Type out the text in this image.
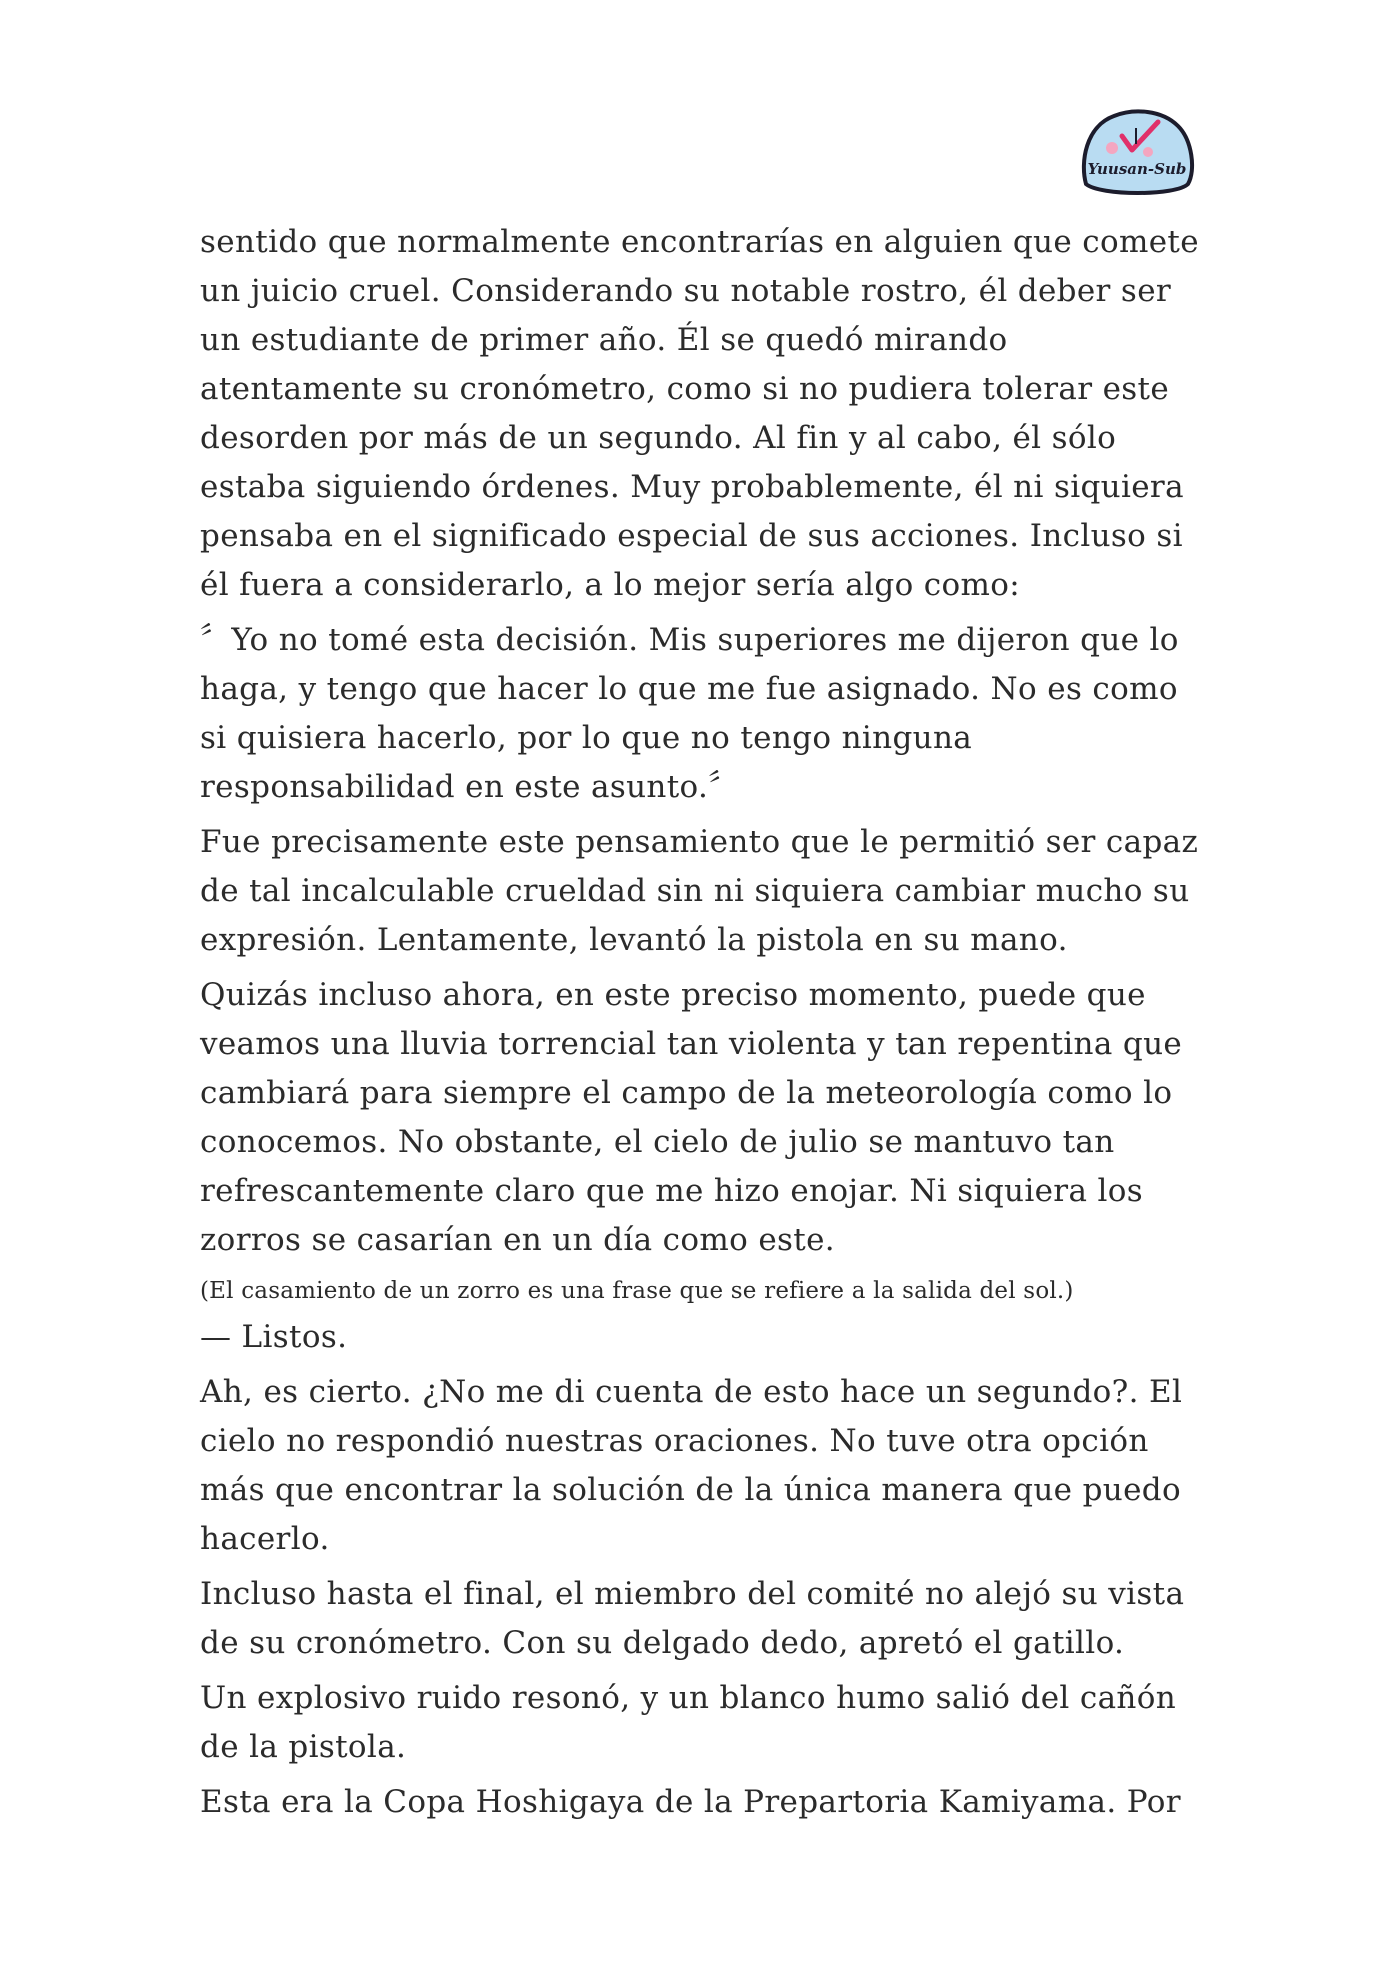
Yuusan-Sub

sentido que normalmente encontrarías en alguien que comete un juicio cruel. Considerando su notable rostro, él deber ser un estudiante de primer año. Él se quedó mirando atentamente su cronómetro, como si no pudiera tolerar este desorden por más de un segundo. Al fin y al cabo, él sólo estaba siguiendo órdenes. Muy probablemente, él ni siquiera pensaba en el significado especial de sus acciones. Incluso si él fuera a considerarlo, a lo mejor sería algo como:

〞Yo no tomé esta decisión. Mis superiores me dijeron que lo haga, y tengo que hacer lo que me fue asignado. No es como si quisiera hacerlo, por lo que no tengo ninguna responsabilidad en este asunto.〞

Fue precisamente este pensamiento que le permitió ser capaz de tal incalculable crueldad sin ni siquiera cambiar mucho su expresión. Lentamente, levantó la pistola en su mano.

Quizás incluso ahora, en este preciso momento, puede que veamos una lluvia torrencial tan violenta y tan repentina que cambiará para siempre el campo de la meteorología como lo conocemos. No obstante, el cielo de julio se mantuvo tan refrescantemente claro que me hizo enojar. Ni siquiera los zorros se casarían en un día como este.

(El casamiento de un zorro es una frase que se refiere a la salida del sol.)

— Listos.

Ah, es cierto. ¿No me di cuenta de esto hace un segundo?. El cielo no respondió nuestras oraciones. No tuve otra opción más que encontrar la solución de la única manera que puedo hacerlo.

Incluso hasta el final, el miembro del comité no alejó su vista de su cronómetro. Con su delgado dedo, apretó el gatillo.

Un explosivo ruido resonó, y un blanco humo salió del cañón de la pistola.

Esta era la Copa Hoshigaya de la Prepartoria Kamiyama. Por
